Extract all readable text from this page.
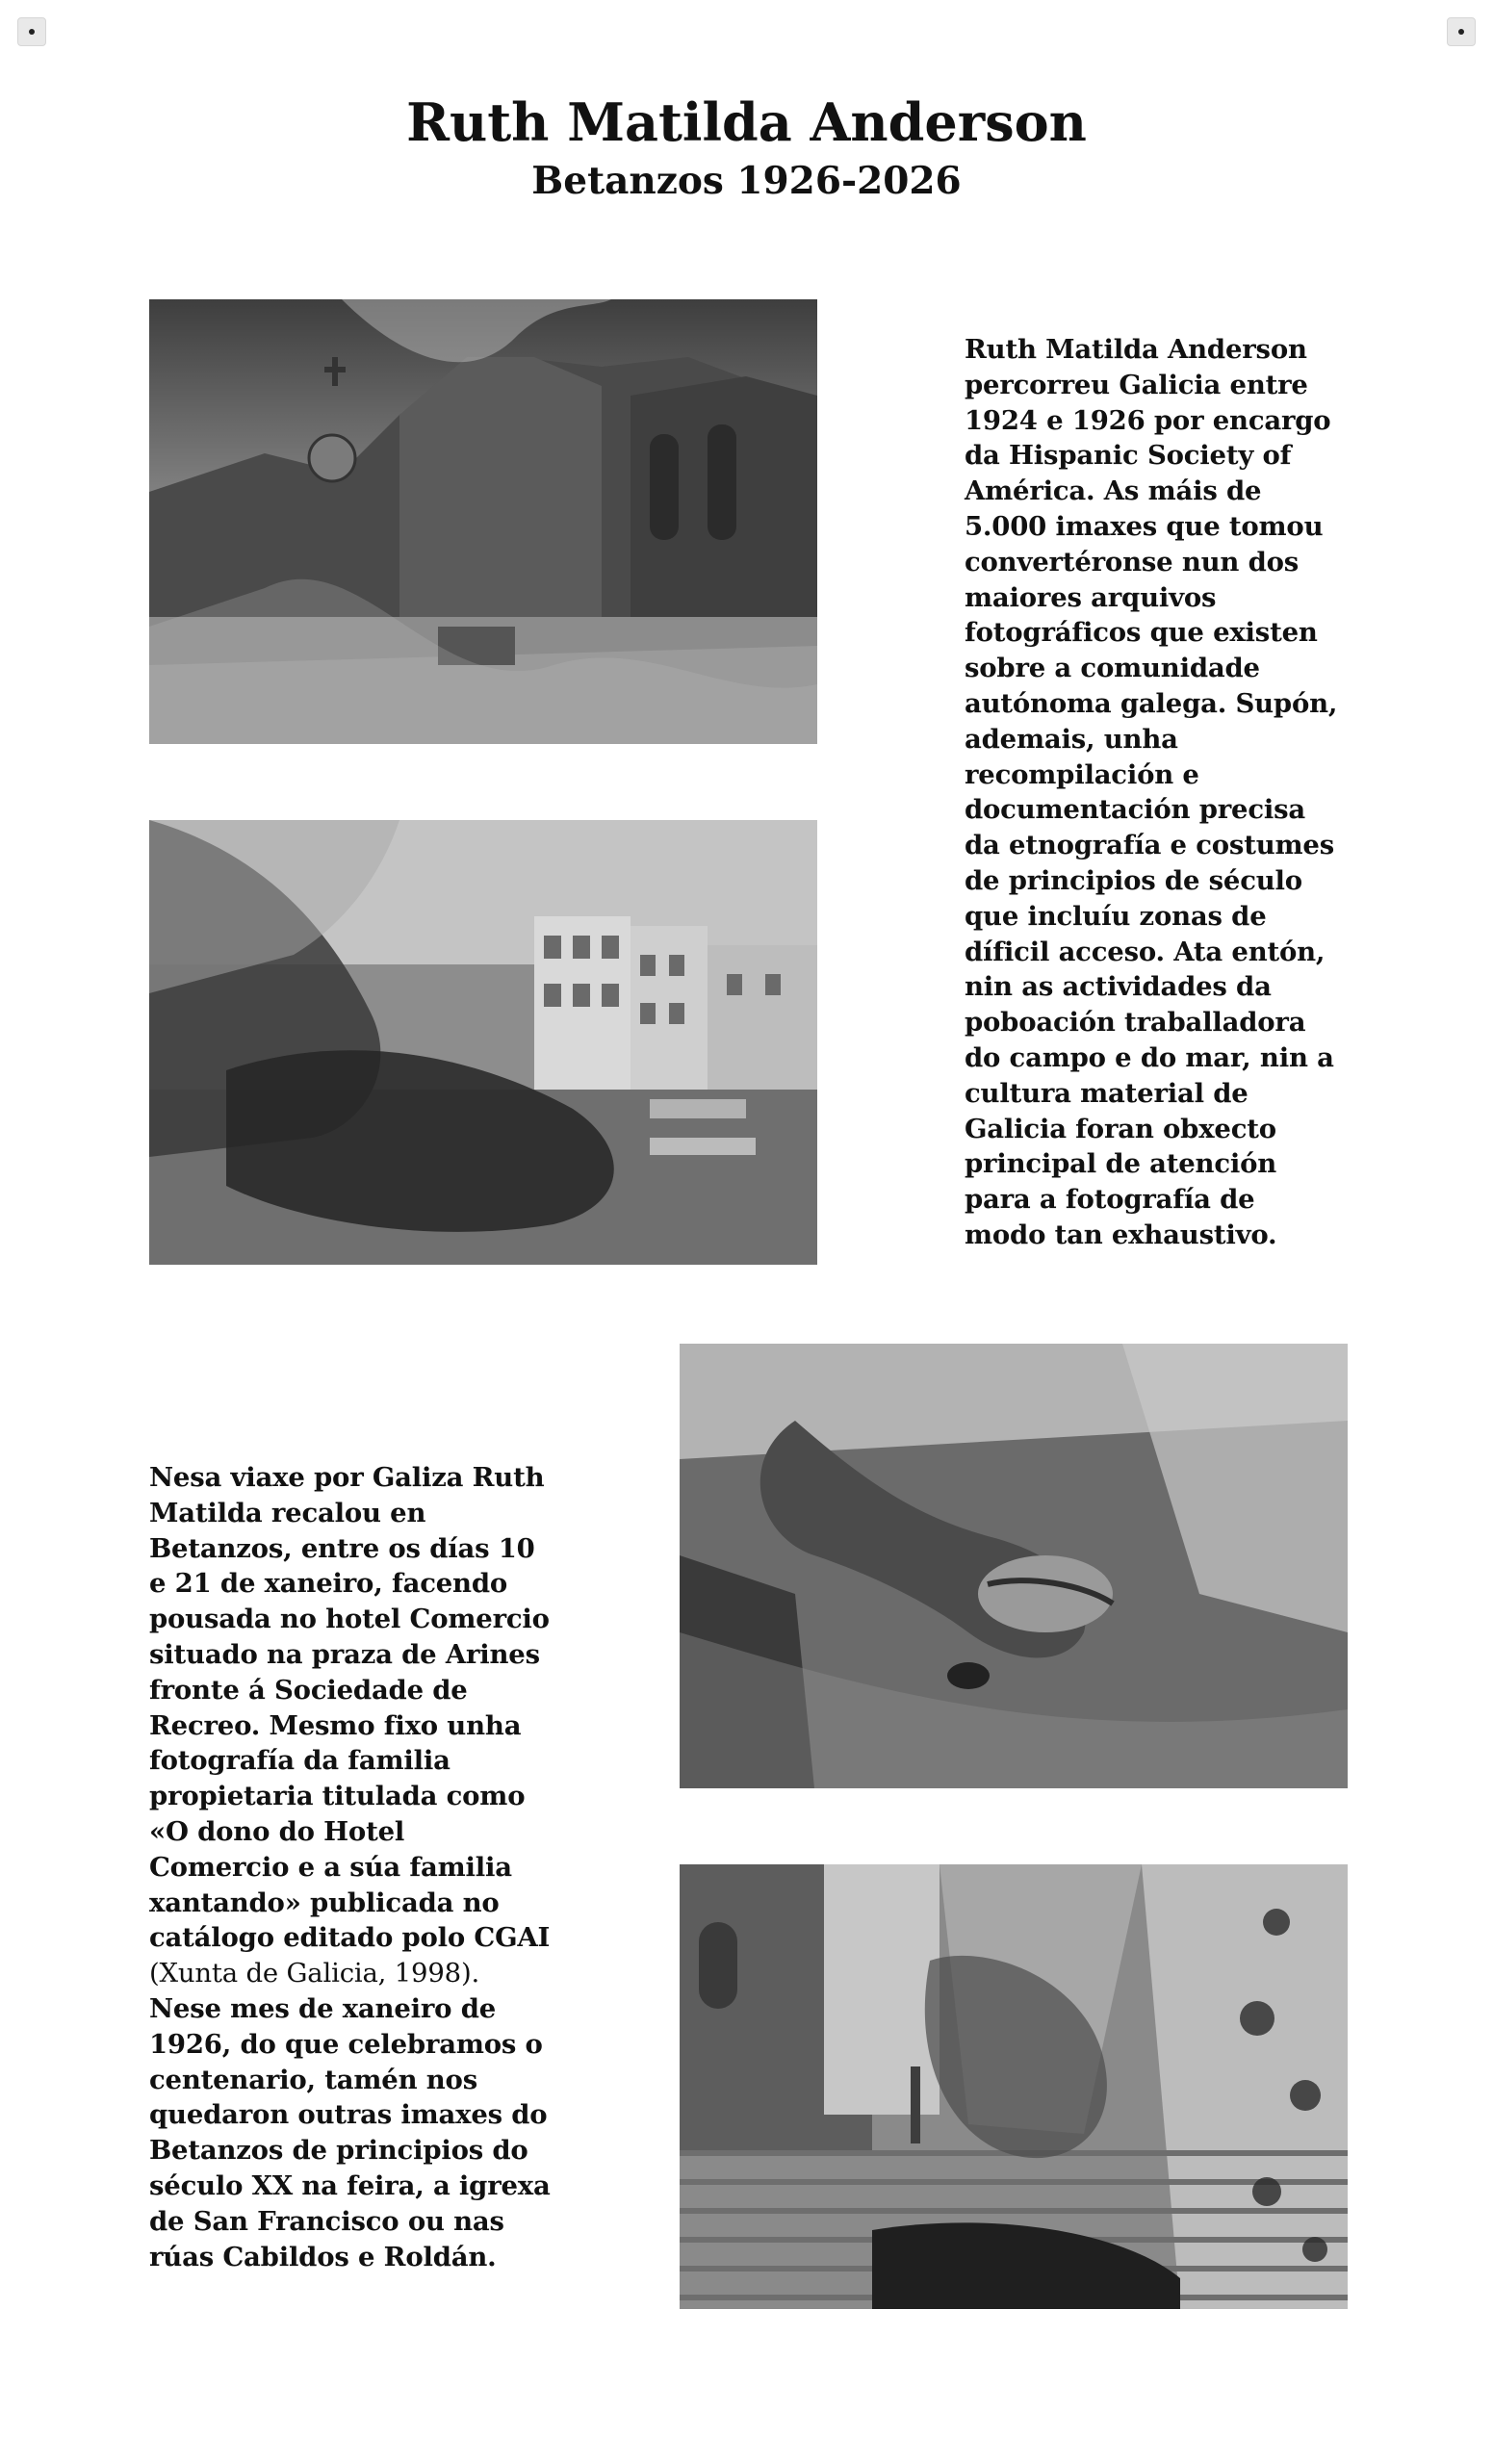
Ruth Matilda Anderson
Betanzos 1926-2026
Ruth Matilda Anderson percorreu Galicia entre 1924 e 1926 por encargo da Hispanic Society of América. As máis de 5.000 imaxes que tomou convertéronse nun dos maiores arquivos fotográficos que existen sobre a comunidade autónoma galega. Supón, ademais, unha recompilación e documentación precisa da etnografía e costumes de principios de século que incluíu zonas de díficil acceso. Ata entón, nin as actividades da poboación traballadora do campo e do mar, nin a cultura material de Galicia foran obxecto principal de atención para a fotografía de modo tan exhaustivo.
Nesa viaxe por Galiza Ruth Matilda recalou en Betanzos, entre os días 10 e 21 de xaneiro, facendo pousada no hotel Comercio situado na praza de Arines fronte á Sociedade de Recreo. Mesmo fixo unha fotografía da familia propietaria titulada como «O dono do Hotel Comercio e a súa familia xantando» publicada no catálogo editado polo CGAI (Xunta de Galicia, 1998). Nese mes de xaneiro de 1926, do que celebramos o centenario, tamén nos quedaron outras imaxes do Betanzos de principios do século XX na feira, a igrexa de San Francisco ou nas rúas Cabildos e Roldán.
